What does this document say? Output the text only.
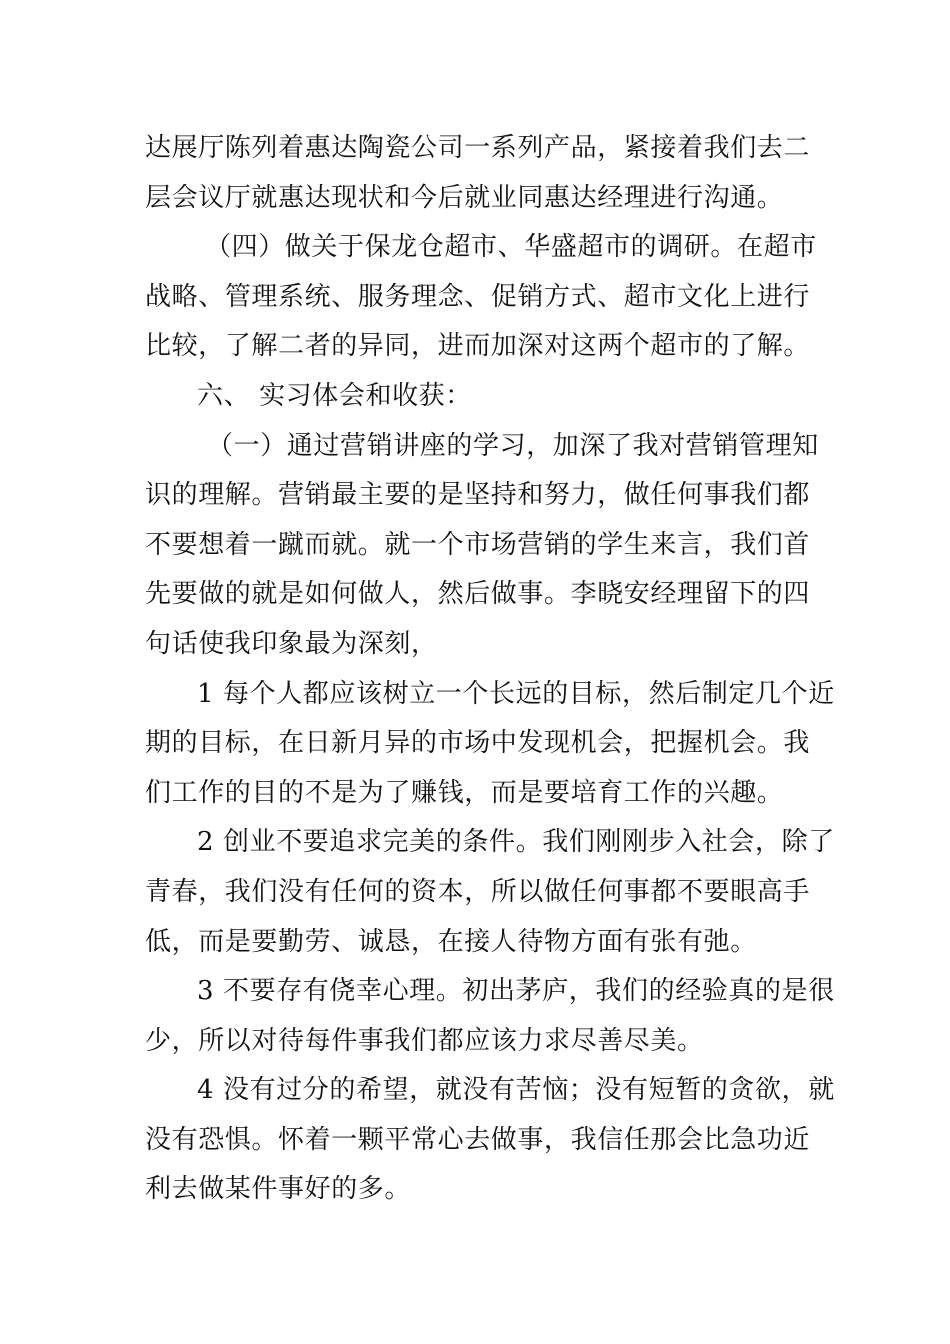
达展厅陈列着惠达陶瓷公司一系列产品，紧接着我们去二
层会议厅就惠达现状和今后就业同惠达经理进行沟通。
（四）做关于保龙仓超市、华盛超市的调研。在超市
战略、管理系统、服务理念、促销方式、超市文化上进行
比较，了解二者的异同，进而加深对这两个超市的了解。
六、 实习体会和收获：
（一）通过营销讲座的学习，加深了我对营销管理知
识的理解。营销最主要的是坚持和努力，做任何事我们都
不要想着一蹴而就。就一个市场营销的学生来言，我们首
先要做的就是如何做人，然后做事。李晓安经理留下的四
句话使我印象最为深刻，
1 每个人都应该树立一个长远的目标，然后制定几个近
期的目标，在日新月异的市场中发现机会，把握机会。我
们工作的目的不是为了赚钱，而是要培育工作的兴趣。
2 创业不要追求完美的条件。我们刚刚步入社会，除了
青春，我们没有任何的资本，所以做任何事都不要眼高手
低，而是要勤劳、诚恳，在接人待物方面有张有弛。
3 不要存有侥幸心理。初出茅庐，我们的经验真的是很
少，所以对待每件事我们都应该力求尽善尽美。
4 没有过分的希望，就没有苦恼；没有短暂的贪欲，就
没有恐惧。怀着一颗平常心去做事，我信任那会比急功近
利去做某件事好的多。
